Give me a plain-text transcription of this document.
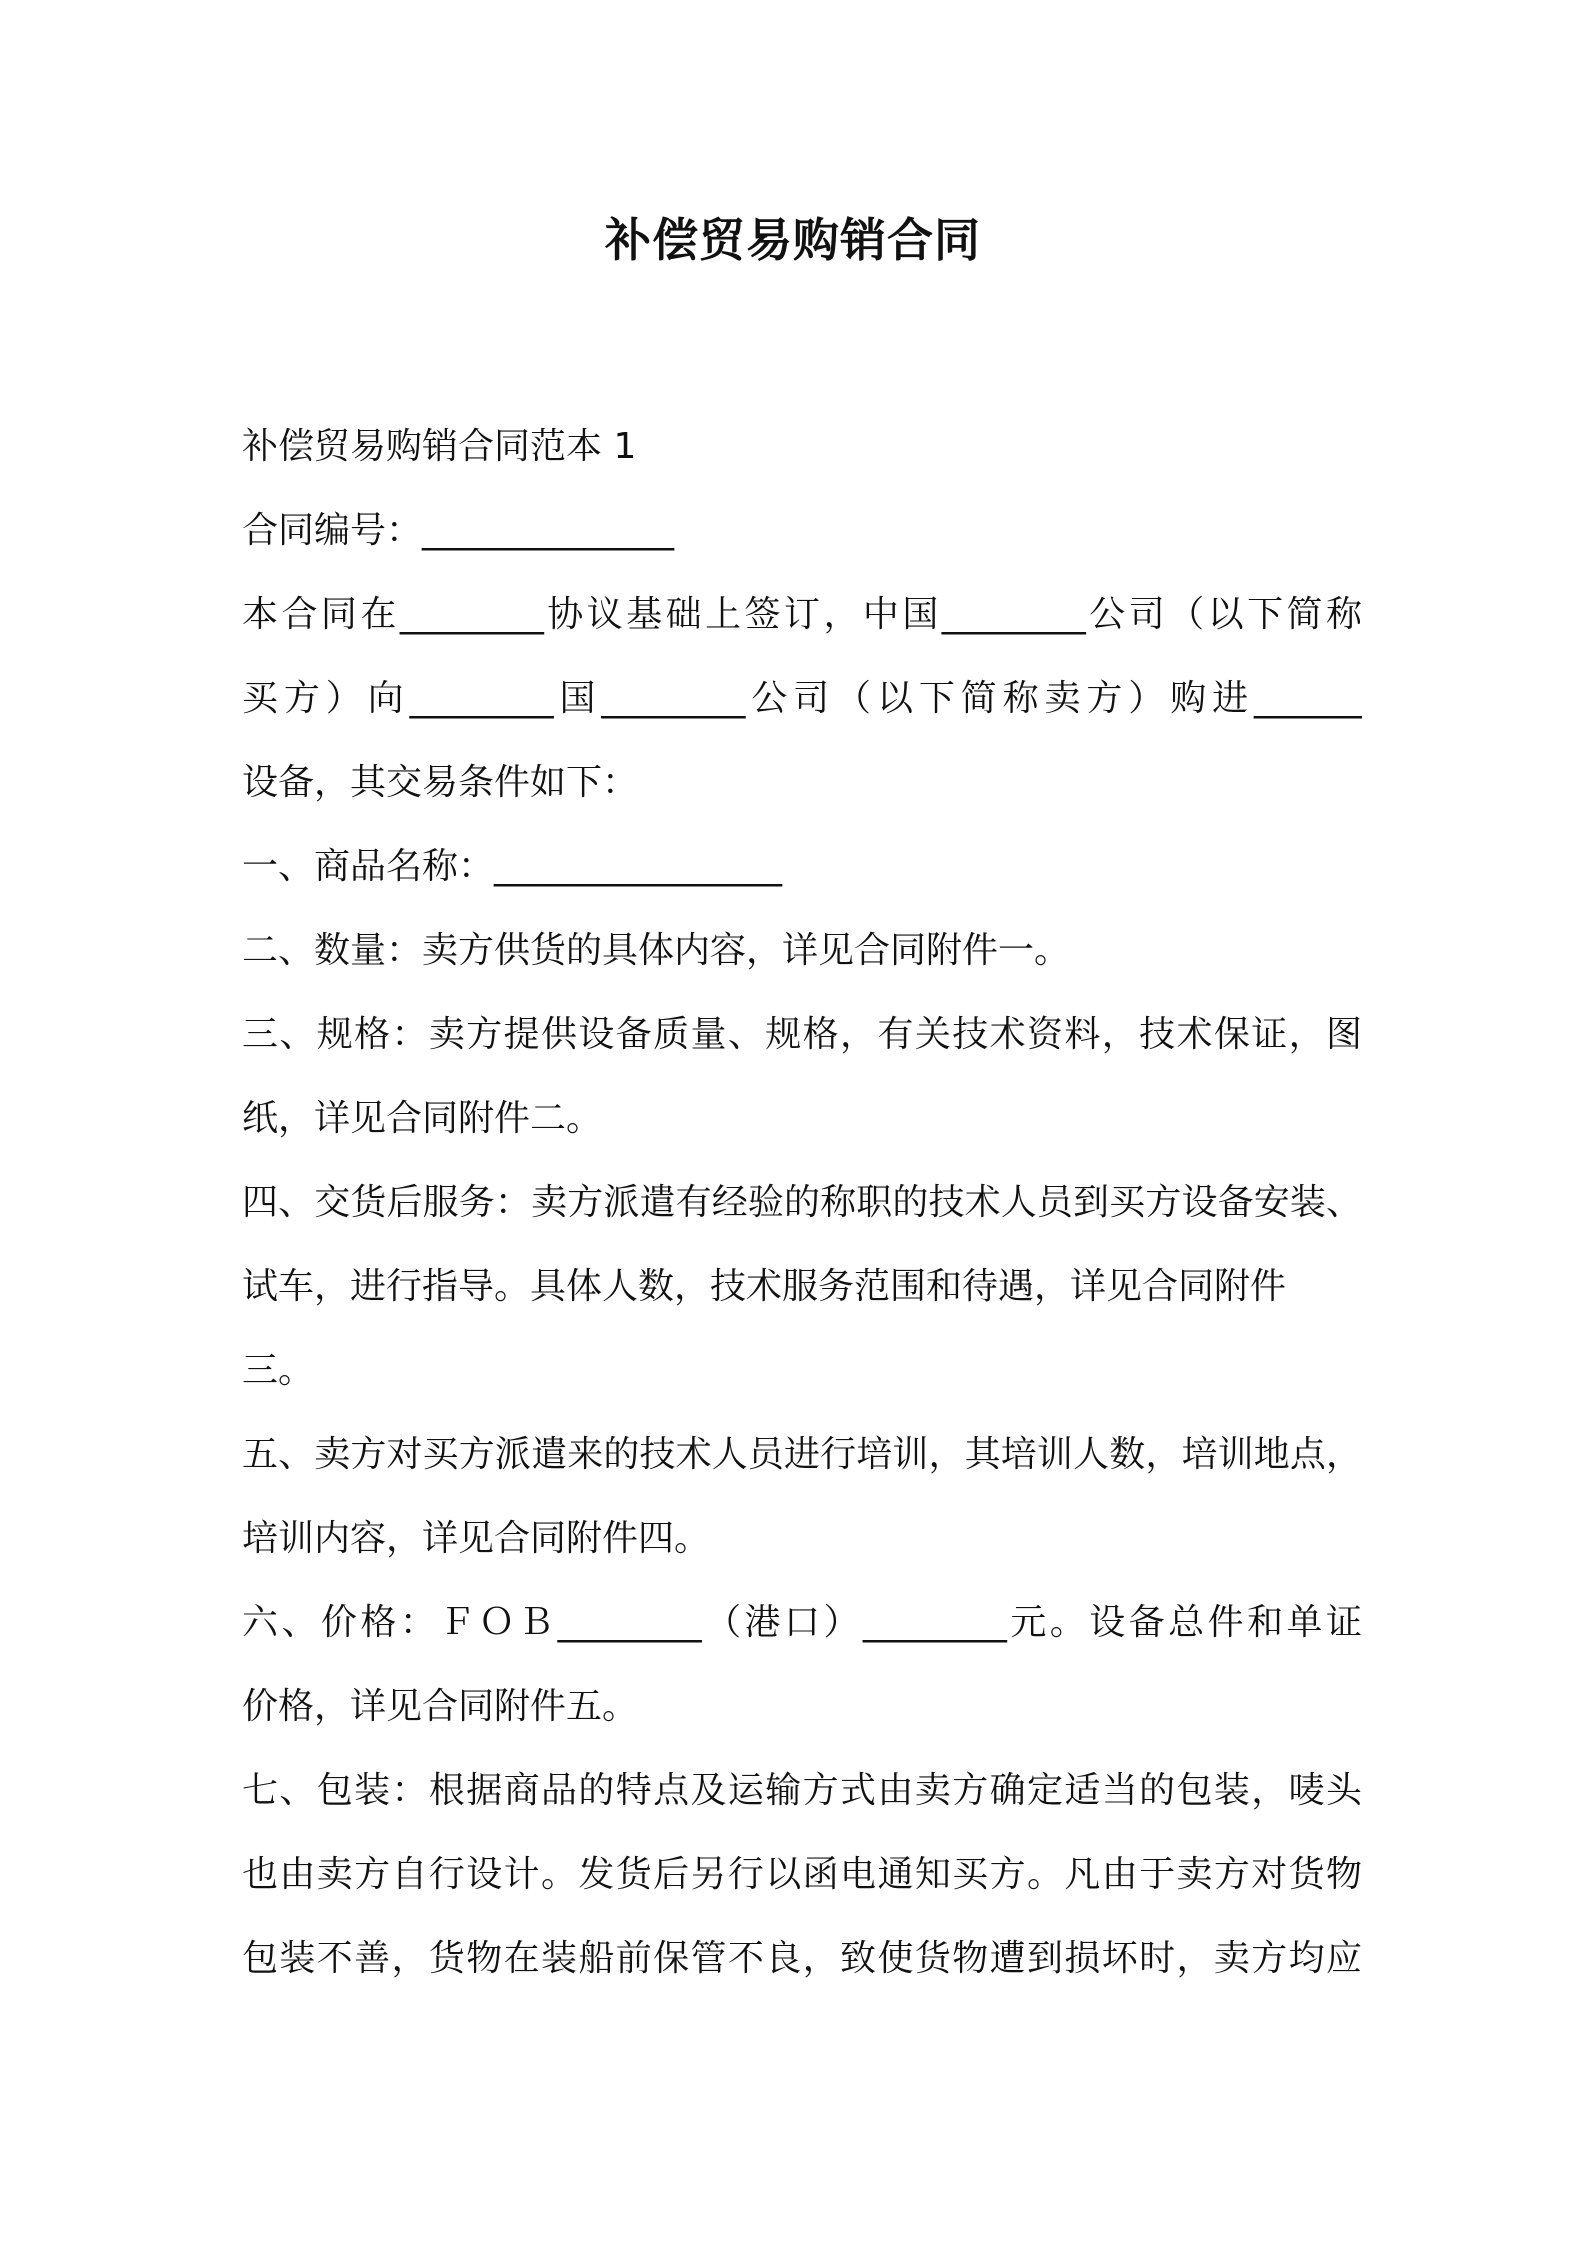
补偿贸易购销合同
补偿贸易购销合同范本 1
合同编号：______________
本合同在________协议基础上签订，中国________公司（以下简称
买方）向________国________公司（以下简称卖方）购进______
设备，其交易条件如下：
一、商品名称：________________
二、数量：卖方供货的具体内容，详见合同附件一。
三、规格：卖方提供设备质量、规格，有关技术资料，技术保证，图
纸，详见合同附件二。
四、交货后服务：卖方派遣有经验的称职的技术人员到买方设备安装、
试车，进行指导。具体人数，技术服务范围和待遇，详见合同附件
三。
五、卖方对买方派遣来的技术人员进行培训，其培训人数，培训地点，
培训内容，详见合同附件四。
六、价格：ＦＯＢ________（港口）________元。设备总件和单证
价格，详见合同附件五。
七、包装：根据商品的特点及运输方式由卖方确定适当的包装，唛头
也由卖方自行设计。发货后另行以函电通知买方。凡由于卖方对货物
包装不善，货物在装船前保管不良，致使货物遭到损坏时，卖方均应
